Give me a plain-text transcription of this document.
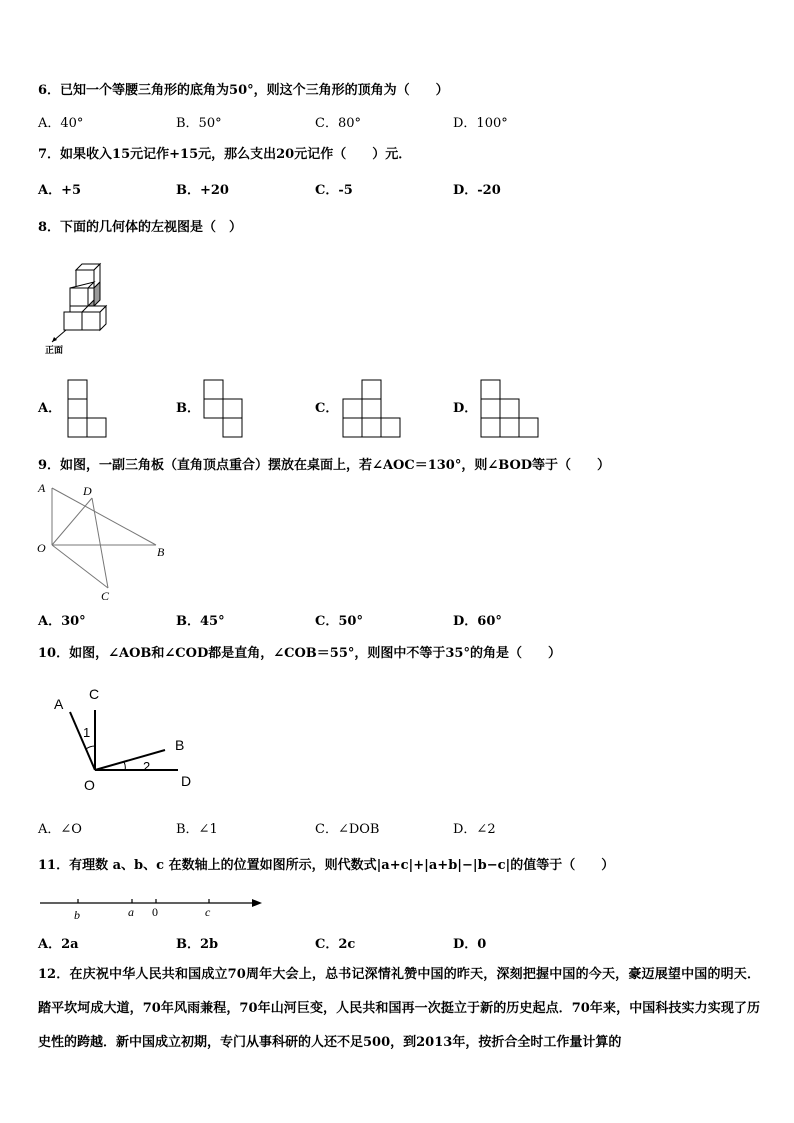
6．已知一个等腰三角形的底角为50°，则这个三角形的顶角为（　　）
A．40°	B．50°	C．80°	D．100°
7．如果收入15元记作+15元，那么支出20元记作（　　）元．
A．+5	B．+20	C．-5	D．-20
8．下面的几何体的左视图是（　）
正面
A．	B．	C．	D．
9．如图，一副三角板（直角顶点重合）摆放在桌面上，若∠AOC＝130°，则∠BOD等于（　　）
A	D
O	B
C
A．30°	B．45°	C．50°	D．60°
10．如图，∠AOB和∠COD都是直角，∠COB＝55°，则图中不等于35°的角是（　　）
A
C
B
O	D
1
2
A．∠O	B．∠1	C．∠DOB	D．∠2
11．有理数 a、b、c 在数轴上的位置如图所示，则代数式|a+c|+|a+b|−|b−c|的值等于（　　）
b	a 0	c
A．2a	B．2b	C．2c	D．0
12．在庆祝中华人民共和国成立70周年大会上，总书记深情礼赞中国的昨天，深刻把握中国的今天，豪迈展望中国的明天．踏平坎坷成大道，70年风雨兼程，70年山河巨变，人民共和国再一次挺立于新的历史起点．70年来，中国科技实力实现了历史性的跨越．新中国成立初期，专门从事科研的人还不足500，到2013年，按折合全时工作量计算的
